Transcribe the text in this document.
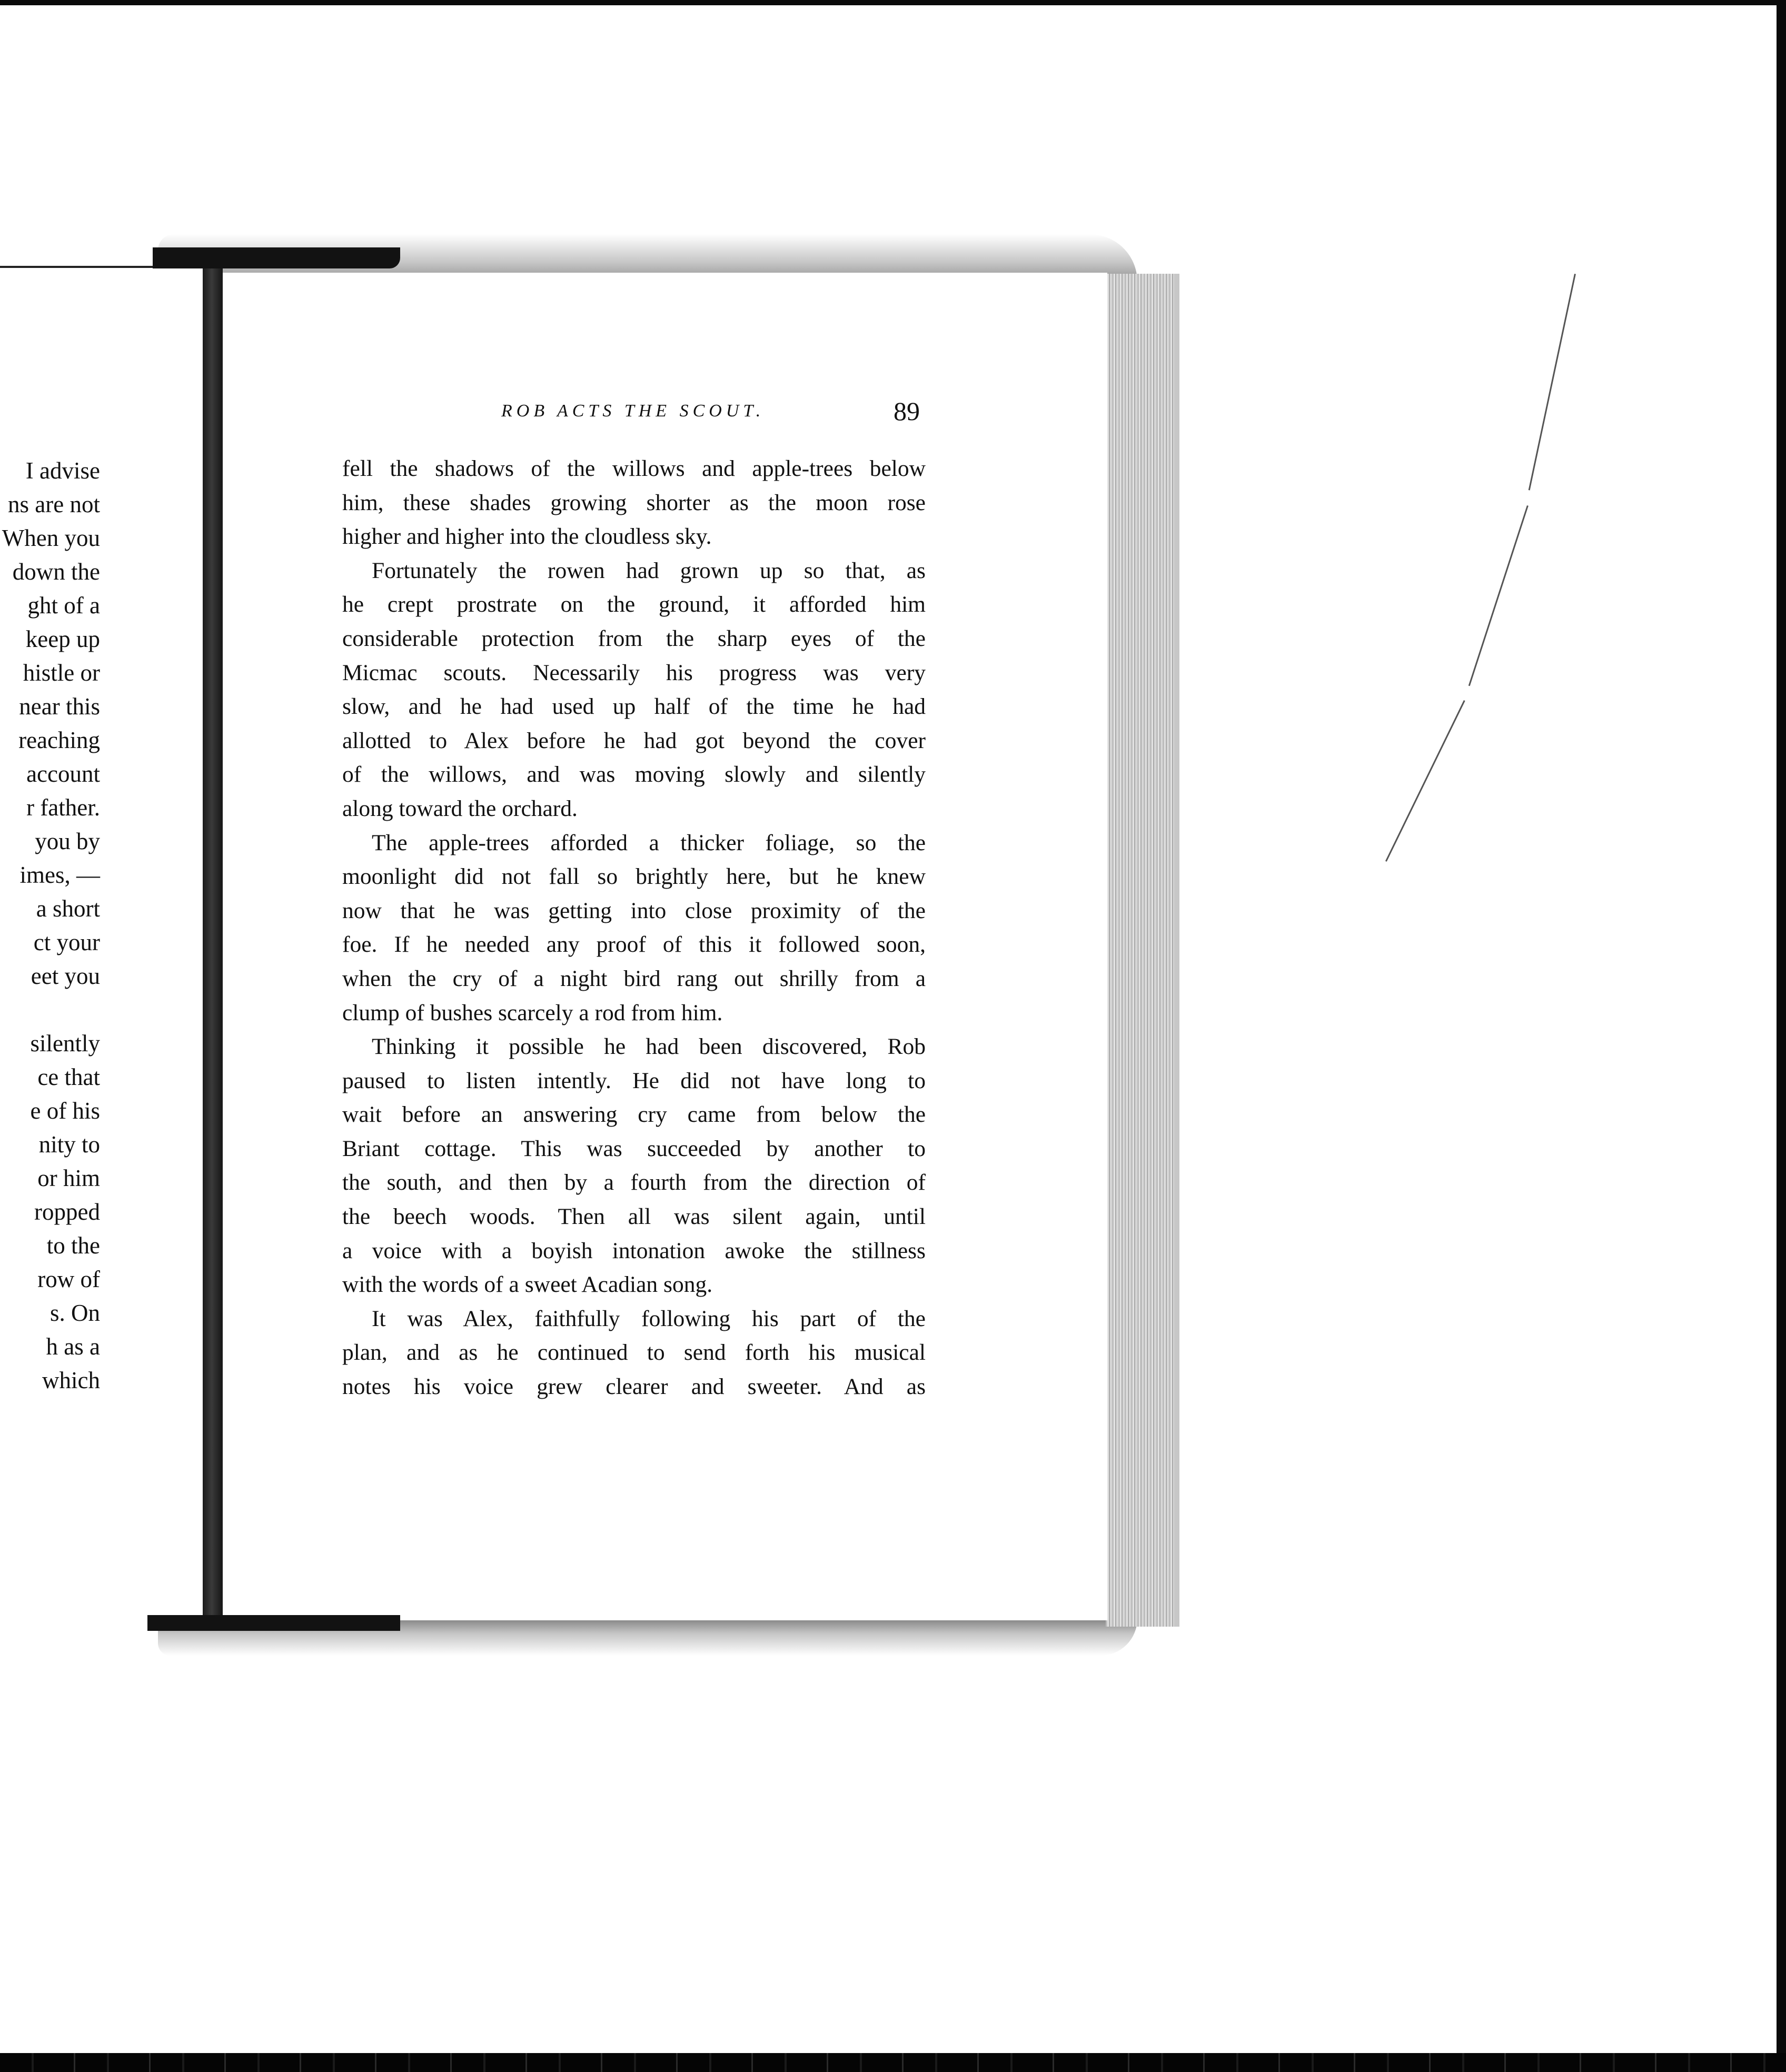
I advise
ns are not
When you
down the
ght of a
keep up
histle or
near this
reaching
account
r father.
you by
imes, —
a short
ct your
eet you
silently
ce that
e of his
nity to
or him
ropped
to the
row of
s. On
h as a
which
ROB ACTS THE SCOUT.	89
fell the shadows of the willows and apple-trees below
him, these shades growing shorter as the moon rose
higher and higher into the cloudless sky.
Fortunately the rowen had grown up so that, as
he crept prostrate on the ground, it afforded him
considerable protection from the sharp eyes of the
Micmac scouts. Necessarily his progress was very
slow, and he had used up half of the time he had
allotted to Alex before he had got beyond the cover
of the willows, and was moving slowly and silently
along toward the orchard.
The apple-trees afforded a thicker foliage, so the
moonlight did not fall so brightly here, but he knew
now that he was getting into close proximity of the
foe. If he needed any proof of this it followed soon,
when the cry of a night bird rang out shrilly from a
clump of bushes scarcely a rod from him.
Thinking it possible he had been discovered, Rob
paused to listen intently. He did not have long to
wait before an answering cry came from below the
Briant cottage. This was succeeded by another to
the south, and then by a fourth from the direction of
the beech woods. Then all was silent again, until
a voice with a boyish intonation awoke the stillness
with the words of a sweet Acadian song.
It was Alex, faithfully following his part of the
plan, and as he continued to send forth his musical
notes his voice grew clearer and sweeter. And as
